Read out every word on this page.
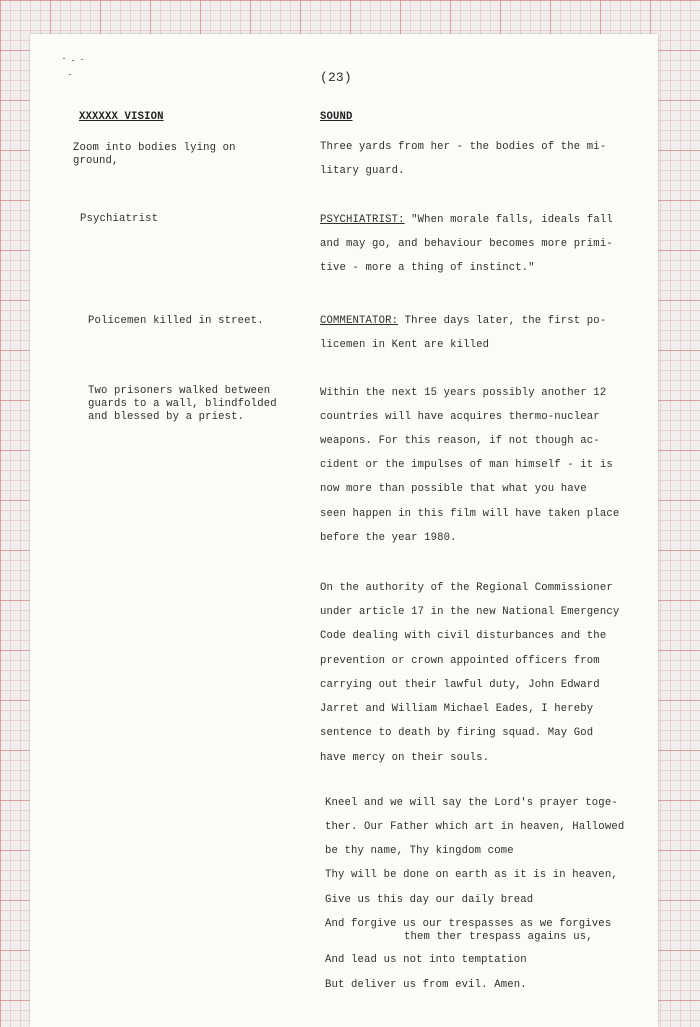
(23)
XXXXXX VISION	SOUND
Zoom into bodies lying on
ground,
Psychiatrist
Policemen killed in street.
Two prisoners walked between
guards to a wall, blindfolded
and blessed by a priest.
Three yards from her - the bodies of the mi-
litary guard.
PSYCHIATRIST: "When morale falls, ideals fall
and may go, and behaviour becomes more primi-
tive - more a thing of instinct."
COMMENTATOR: Three days later, the first po-
licemen in Kent are killed
Within the next 15 years possibly another 12
countries will have acquires thermo-nuclear
weapons. For this reason, if not though ac-
cident or the impulses of man himself - it is
now more than possible that what you have
seen happen in this film will have taken place
before the year 1980.
On the authority of the Regional Commissioner
under article 17 in the new National Emergency
Code dealing with civil disturbances and the
prevention or crown appointed officers from
carrying out their lawful duty, John Edward
Jarret and William Michael Eades, I hereby
sentence to death by firing squad. May God
have mercy on their souls.
Kneel and we will say the Lord's prayer toge-
ther. Our Father which art in heaven, Hallowed
be thy name, Thy kingdom come
Thy will be done on earth as it is in heaven,
Give us this day our daily bread
And forgive us our trespasses as we forgives
them ther trespass agains us,
And lead us not into temptation
But deliver us from evil. Amen.
